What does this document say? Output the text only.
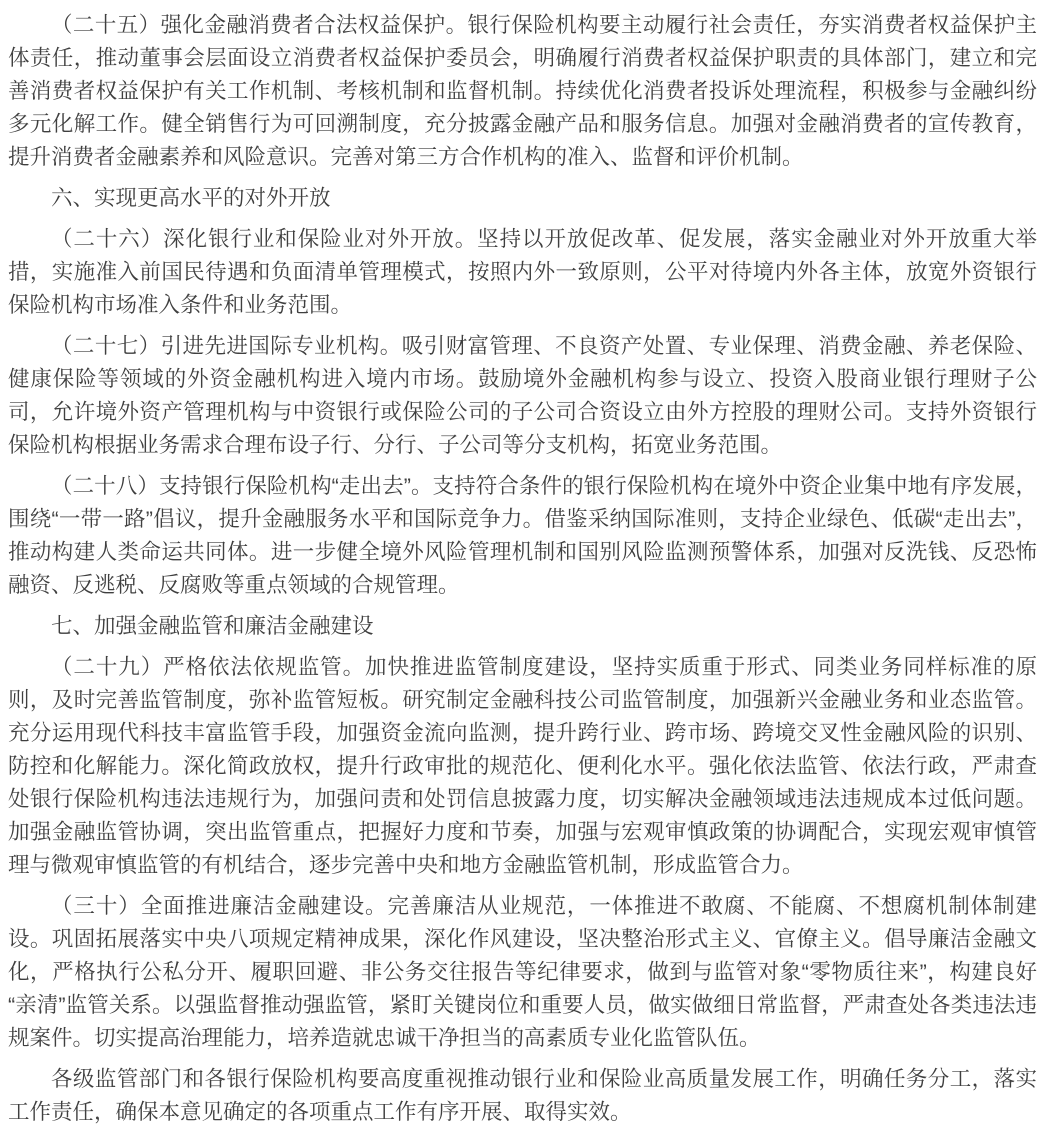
（二十五）强化金融消费者合法权益保护。银行保险机构要主动履行社会责任，夯实消费者权益保护主体责任，推动董事会层面设立消费者权益保护委员会，明确履行消费者权益保护职责的具体部门，建立和完善消费者权益保护有关工作机制、考核机制和监督机制。持续优化消费者投诉处理流程，积极参与金融纠纷多元化解工作。健全销售行为可回溯制度，充分披露金融产品和服务信息。加强对金融消费者的宣传教育，提升消费者金融素养和风险意识。完善对第三方合作机构的准入、监督和评价机制。

六、实现更高水平的对外开放

（二十六）深化银行业和保险业对外开放。坚持以开放促改革、促发展，落实金融业对外开放重大举措，实施准入前国民待遇和负面清单管理模式，按照内外一致原则，公平对待境内外各主体，放宽外资银行保险机构市场准入条件和业务范围。

（二十七）引进先进国际专业机构。吸引财富管理、不良资产处置、专业保理、消费金融、养老保险、健康保险等领域的外资金融机构进入境内市场。鼓励境外金融机构参与设立、投资入股商业银行理财子公司，允许境外资产管理机构与中资银行或保险公司的子公司合资设立由外方控股的理财公司。支持外资银行保险机构根据业务需求合理布设子行、分行、子公司等分支机构，拓宽业务范围。

（二十八）支持银行保险机构“走出去”。支持符合条件的银行保险机构在境外中资企业集中地有序发展，围绕“一带一路”倡议，提升金融服务水平和国际竞争力。借鉴采纳国际准则，支持企业绿色、低碳“走出去”，推动构建人类命运共同体。进一步健全境外风险管理机制和国别风险监测预警体系，加强对反洗钱、反恐怖融资、反逃税、反腐败等重点领域的合规管理。

七、加强金融监管和廉洁金融建设

（二十九）严格依法依规监管。加快推进监管制度建设，坚持实质重于形式、同类业务同样标准的原则，及时完善监管制度，弥补监管短板。研究制定金融科技公司监管制度，加强新兴金融业务和业态监管。充分运用现代科技丰富监管手段，加强资金流向监测，提升跨行业、跨市场、跨境交叉性金融风险的识别、防控和化解能力。深化简政放权，提升行政审批的规范化、便利化水平。强化依法监管、依法行政，严肃查处银行保险机构违法违规行为，加强问责和处罚信息披露力度，切实解决金融领域违法违规成本过低问题。加强金融监管协调，突出监管重点，把握好力度和节奏，加强与宏观审慎政策的协调配合，实现宏观审慎管理与微观审慎监管的有机结合，逐步完善中央和地方金融监管机制，形成监管合力。

（三十）全面推进廉洁金融建设。完善廉洁从业规范，一体推进不敢腐、不能腐、不想腐机制体制建设。巩固拓展落实中央八项规定精神成果，深化作风建设，坚决整治形式主义、官僚主义。倡导廉洁金融文化，严格执行公私分开、履职回避、非公务交往报告等纪律要求，做到与监管对象“零物质往来”，构建良好“亲清”监管关系。以强监督推动强监管，紧盯关键岗位和重要人员，做实做细日常监督，严肃查处各类违法违规案件。切实提高治理能力，培养造就忠诚干净担当的高素质专业化监管队伍。

各级监管部门和各银行保险机构要高度重视推动银行业和保险业高质量发展工作，明确任务分工，落实工作责任，确保本意见确定的各项重点工作有序开展、取得实效。
